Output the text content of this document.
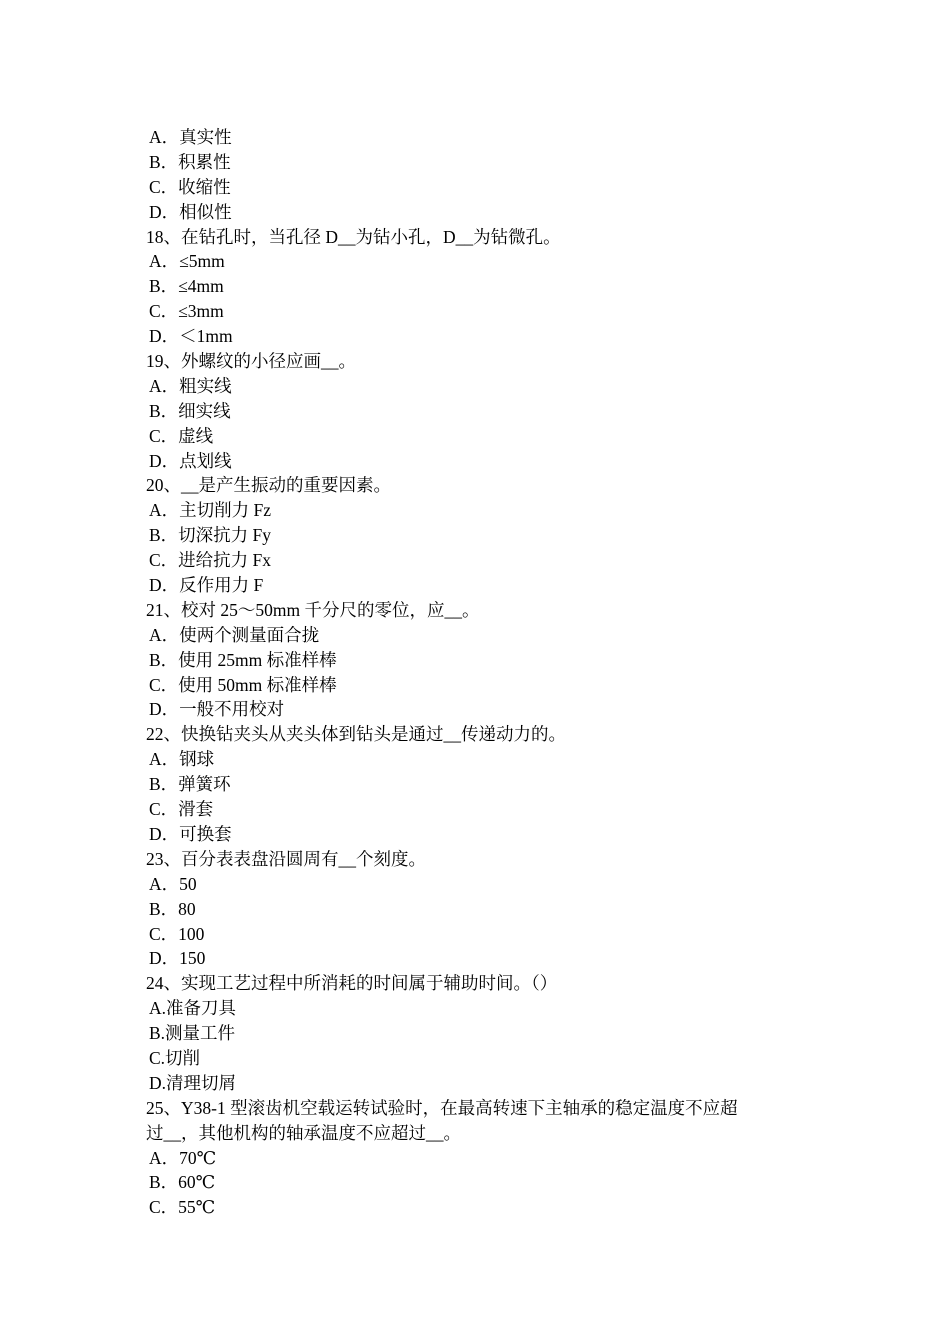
A．真实性
B．积累性
C．收缩性
D．相似性
18、在钻孔时，当孔径 D__为钻小孔，D__为钻微孔。
A．≤5mm
B．≤4mm
C．≤3mm
D．＜1mm
19、外螺纹的小径应画__。
A．粗实线
B．细实线
C．虚线
D．点划线
20、__是产生振动的重要因素。
A．主切削力 Fz
B．切深抗力 Fy
C．进给抗力 Fx
D．反作用力 F
21、校对 25～50mm 千分尺的零位，应__。
A．使两个测量面合拢
B．使用 25mm 标准样棒
C．使用 50mm 标准样棒
D．一般不用校对
22、快换钻夹头从夹头体到钻头是通过__传递动力的。
A．钢球
B．弹簧环
C．滑套
D．可换套
23、百分表表盘沿圆周有__个刻度。
A．50
B．80
C．100
D．150
24、实现工艺过程中所消耗的时间属于辅助时间。（）
A.准备刀具
B.测量工件
C.切削
D.清理切屑
25、Y38-1 型滚齿机空载运转试验时，在最高转速下主轴承的稳定温度不应超
过__，其他机构的轴承温度不应超过__。
A．70℃
B．60℃
C．55℃
